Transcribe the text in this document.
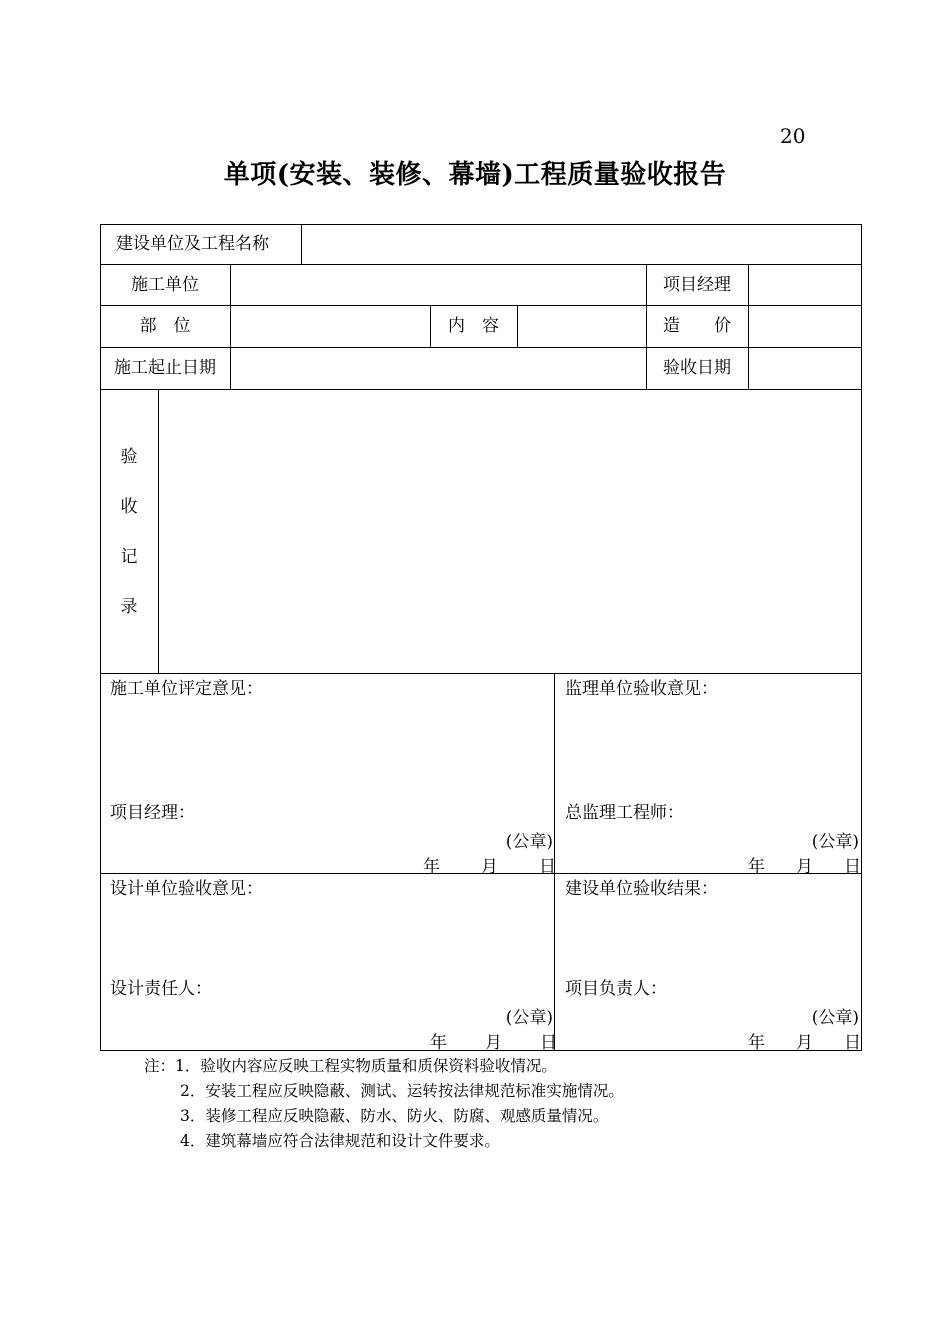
20
单项(安装、装修、幕墙)工程质量验收报告
建设单位及工程名称
施工单位	项目经理
部　位	内　容	造　　价
施工起止日期	验收日期
验
收
记
录
施工单位评定意见：
项目经理：
(公章)
年	月	日
监理单位验收意见：
总监理工程师：
(公章)
年	月	日
设计单位验收意见：
设计责任人：
(公章)
年	月	日
建设单位验收结果：
项目负责人：
(公章)
年	月	日
注：1．验收内容应反映工程实物质量和质保资料验收情况。
2．安装工程应反映隐蔽、测试、运转按法律规范标准实施情况。
3．装修工程应反映隐蔽、防水、防火、防腐、观感质量情况。
4．建筑幕墙应符合法律规范和设计文件要求。
